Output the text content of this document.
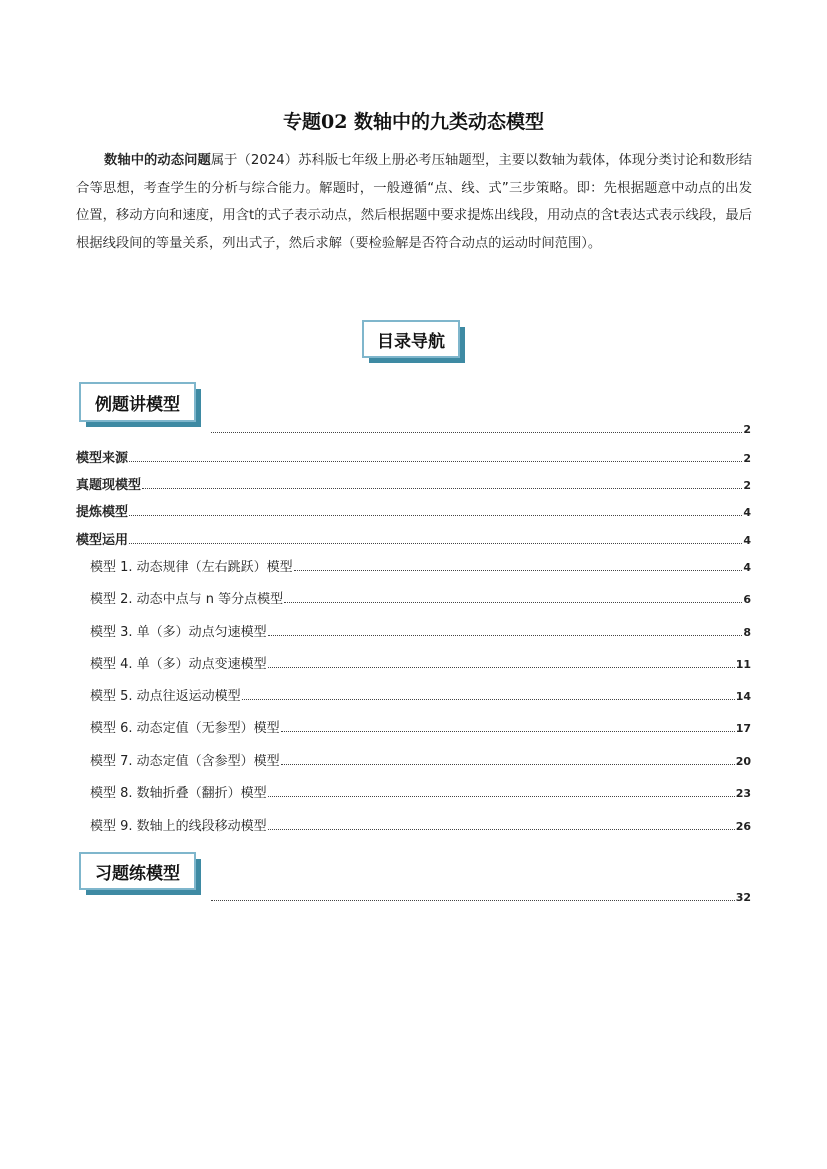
专题02 数轴中的九类动态模型

数轴中的动态问题属于（2024）苏科版七年级上册必考压轴题型，主要以数轴为载体，体现分类讨论和数形结合等思想，考查学生的分析与综合能力。解题时，一般遵循“点、线、式”三步策略。即：先根据题意中动点的出发位置，移动方向和速度，用含t的式子表示动点，然后根据题中要求提炼出线段，用动点的含t表达式表示线段，最后根据线段间的等量关系，列出式子，然后求解（要检验解是否符合动点的运动时间范围）。

目录导航
例题讲模型
2
模型来源	2
真题现模型	2
提炼模型	4
模型运用	4
模型 1. 动态规律（左右跳跃）模型	4
模型 2. 动态中点与 n 等分点模型	6
模型 3. 单（多）动点匀速模型	8
模型 4. 单（多）动点变速模型	11
模型 5. 动点往返运动模型	14
模型 6. 动态定值（无参型）模型	17
模型 7. 动态定值（含参型）模型	20
模型 8. 数轴折叠（翻折）模型	23
模型 9. 数轴上的线段移动模型	26
习题练模型
32
